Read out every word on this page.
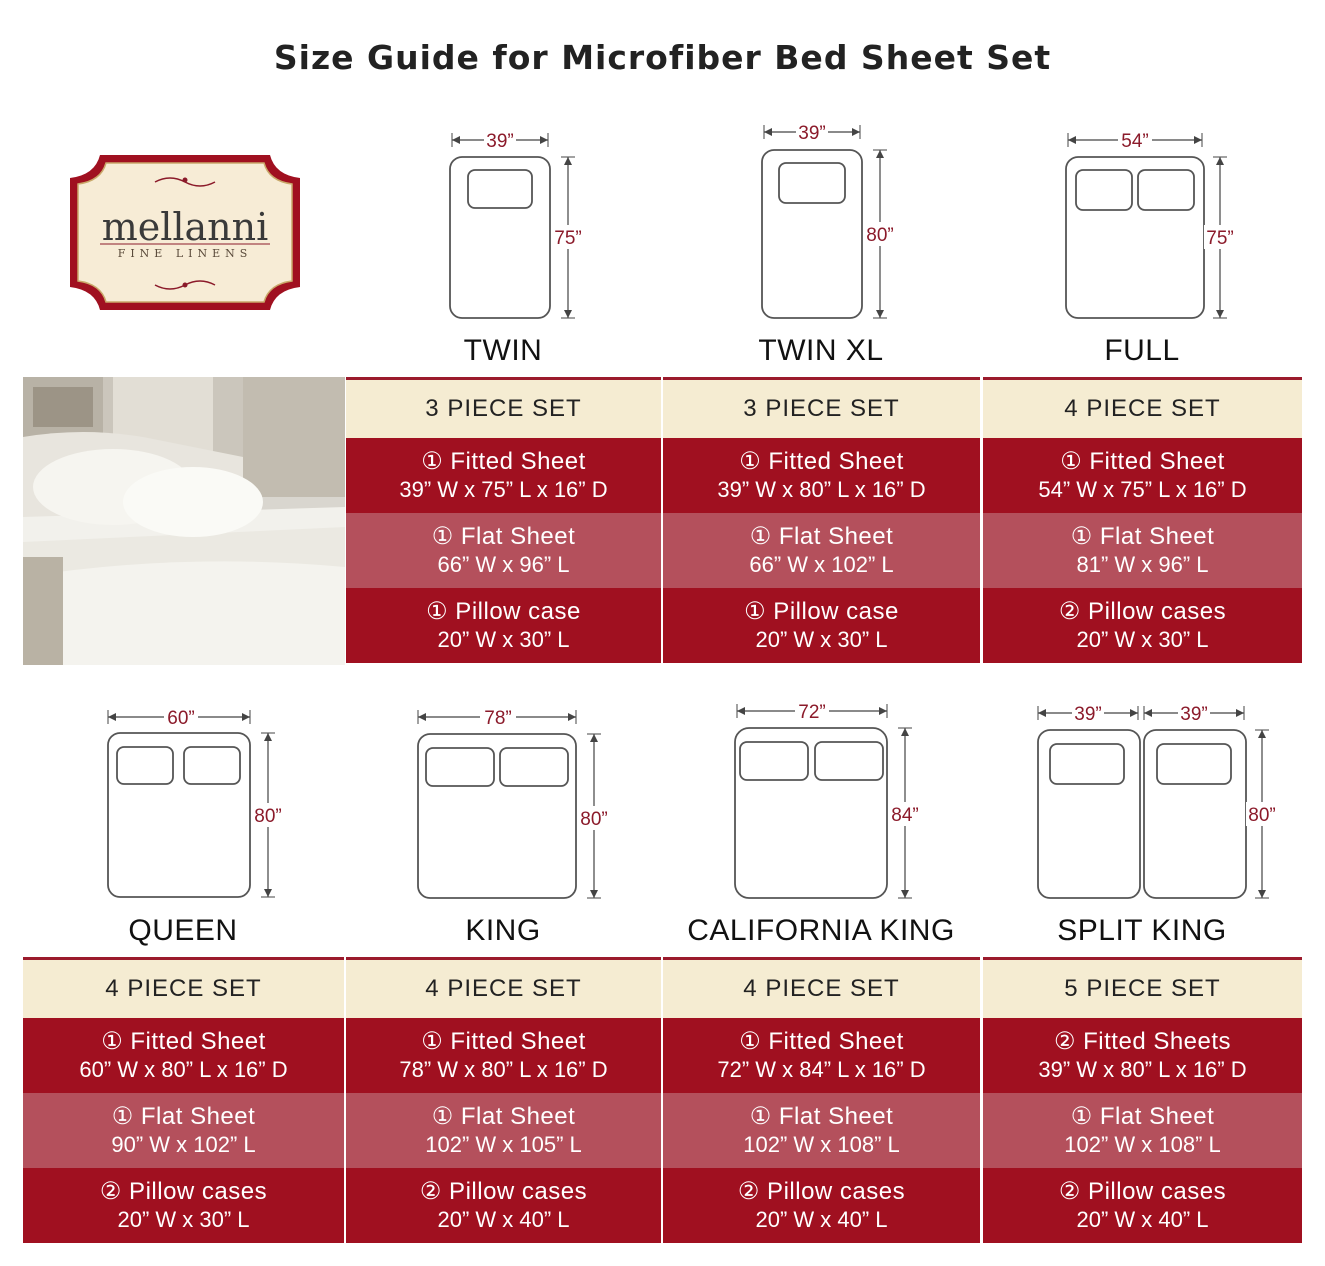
Size Guide for Microfiber Bed Sheet Set
mellanni
FINE LINENS
39”
75”
TWIN
39”
80”
TWIN XL
54”
75”
FULL
3 PIECE SET
① Fitted Sheet
39” W x 75” L x 16” D
① Flat Sheet
66” W x 96” L
① Pillow case
20” W x 30” L
3 PIECE SET
① Fitted Sheet
39” W x 80” L x 16” D
① Flat Sheet
66” W x 102” L
① Pillow case
20” W x 30” L
4 PIECE SET
① Fitted Sheet
54” W x 75” L x 16” D
① Flat Sheet
81” W x 96” L
② Pillow cases
20” W x 30” L
60”
80”
QUEEN
78”
80”
KING
72”
84”
CALIFORNIA KING
39”	39”
80”
SPLIT KING
4 PIECE SET
① Fitted Sheet
60” W x 80” L x 16” D
① Flat Sheet
90” W x 102” L
② Pillow cases
20” W x 30” L
4 PIECE SET
① Fitted Sheet
78” W x 80” L x 16” D
① Flat Sheet
102” W x 105” L
② Pillow cases
20” W x 40” L
4 PIECE SET
① Fitted Sheet
72” W x 84” L x 16” D
① Flat Sheet
102” W x 108” L
② Pillow cases
20” W x 40” L
5 PIECE SET
② Fitted Sheets
39” W x 80” L x 16” D
① Flat Sheet
102” W x 108” L
② Pillow cases
20” W x 40” L
